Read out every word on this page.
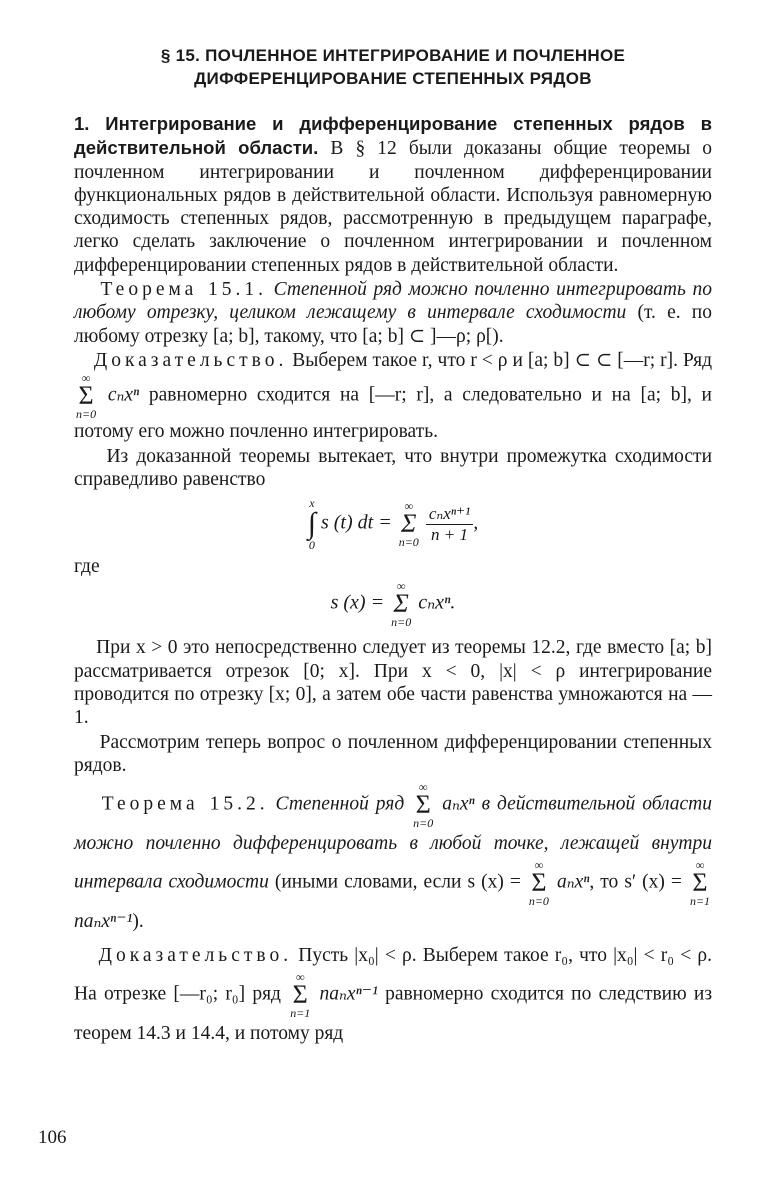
§ 15. ПОЧЛЕННОЕ ИНТЕГРИРОВАНИЕ И ПОЧЛЕННОЕ
ДИФФЕРЕНЦИРОВАНИЕ СТЕПЕННЫХ РЯДОВ

1. Интегрирование и дифференцирование степенных рядов в действительной области. В § 12 были доказаны общие теоремы о почленном интегрировании и почленном дифференцировании функциональных рядов в действительной области. Используя равномерную сходимость степенных рядов, рассмотренную в предыдущем параграфе, легко сделать заключение о почленном интегрировании и почленном дифференцировании степенных рядов в действительной области.

Теорема 15.1. Степенной ряд можно почленно интегрировать по любому отрезку, целиком лежащему в интервале сходимости (т. е. по любому отрезку [a; b], такому, что [a; b] ⊂ ]—ρ; ρ[).

Доказательство. Выберем такое r, что r < ρ и [a; b] ⊂ ⊂ [—r; r]. Ряд
∞
Σ
n=0
cₙxⁿ равномерно сходится на [—r; r], а следовательно и на [a; b], и потому его можно почленно интегрировать.

Из доказанной теоремы вытекает, что внутри промежутка сходимости справедливо равенство

x
∫
0
s (t) dt =
∞
Σ
n=0
$\frac{\text{cₙxⁿ⁺¹}}{n + 1}$ ,

где

s (x) =
∞
Σ
n=0
cₙxⁿ.

При x > 0 это непосредственно следует из теоремы 12.2, где вместо [a; b] рассматривается отрезок [0; x]. При x < 0, |x| < ρ интегрирование проводится по отрезку [x; 0], а затем обе части равенства умножаются на —1.

Рассмотрим теперь вопрос о почленном дифференцировании степенных рядов.

Теорема 15.2. Степенной ряд
∞
Σ
n=0
aₙxⁿ в действительной области можно почленно дифференцировать в любой точке, лежащей внутри интервала сходимости (иными словами, если s (x) =
∞
Σ
n=0
aₙxⁿ, то s′ (x) =
∞
Σ
n=1
naₙxⁿ⁻¹).

Доказательство. Пусть |x₀| < ρ. Выберем такое r₀, что |x₀| < r₀ < ρ. На отрезке [—r₀; r₀] ряд
∞
Σ
n=1
naₙxⁿ⁻¹ равномерно сходится по следствию из теорем 14.3 и 14.4, и потому ряд

106
